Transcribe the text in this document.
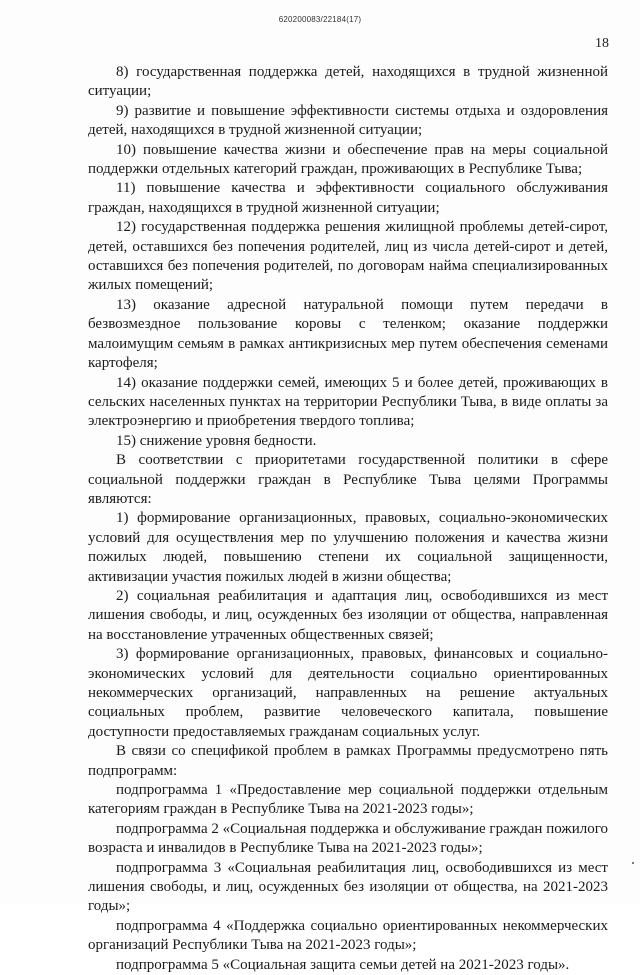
620200083/22184(17)
18

8) государственная поддержка детей, находящихся в трудной жизненной ситуации;

9) развитие и повышение эффективности системы отдыха и оздоровления детей, находящихся в трудной жизненной ситуации;

10) повышение качества жизни и обеспечение прав на меры социальной поддержки отдельных категорий граждан, проживающих в Республике Тыва;

11) повышение качества и эффективности социального обслуживания граждан, находящихся в трудной жизненной ситуации;

12) государственная поддержка решения жилищной проблемы детей-сирот, детей, оставшихся без попечения родителей, лиц из числа детей-сирот и детей, оставшихся без попечения родителей, по договорам найма специализированных жилых помещений;

13) оказание адресной натуральной помощи путем передачи в безвозмездное пользование коровы с теленком; оказание поддержки малоимущим семьям в рамках антикризисных мер путем обеспечения семенами картофеля;

14) оказание поддержки семей, имеющих 5 и более детей, проживающих в сельских населенных пунктах на территории Республики Тыва, в виде оплаты за электроэнергию и приобретения твердого топлива;

15) снижение уровня бедности.

В соответствии с приоритетами государственной политики в сфере социальной поддержки граждан в Республике Тыва целями Программы являются:

1) формирование организационных, правовых, социально-экономических условий для осуществления мер по улучшению положения и качества жизни пожилых людей, повышению степени их социальной защищенности, активизации участия пожилых людей в жизни общества;

2) социальная реабилитация и адаптация лиц, освободившихся из мест лишения свободы, и лиц, осужденных без изоляции от общества, направленная на восстановление утраченных общественных связей;

3) формирование организационных, правовых, финансовых и социально-экономических условий для деятельности социально ориентированных некоммерческих организаций, направленных на решение актуальных социальных проблем, развитие человеческого капитала, повышение доступности предоставляемых гражданам социальных услуг.

В связи со спецификой проблем в рамках Программы предусмотрено пять подпрограмм:

подпрограмма 1 «Предоставление мер социальной поддержки отдельным категориям граждан в Республике Тыва на 2021-2023 годы»;

подпрограмма 2 «Социальная поддержка и обслуживание граждан пожилого возраста и инвалидов в Республике Тыва на 2021-2023 годы»;

подпрограмма 3 «Социальная реабилитация лиц, освободившихся из мест лишения свободы, и лиц, осужденных без изоляции от общества, на 2021-2023 годы»;

подпрограмма 4 «Поддержка социально ориентированных некоммерческих организаций Республики Тыва на 2021-2023 годы»;

подпрограмма 5 «Социальная защита семьи детей на 2021-2023 годы».
